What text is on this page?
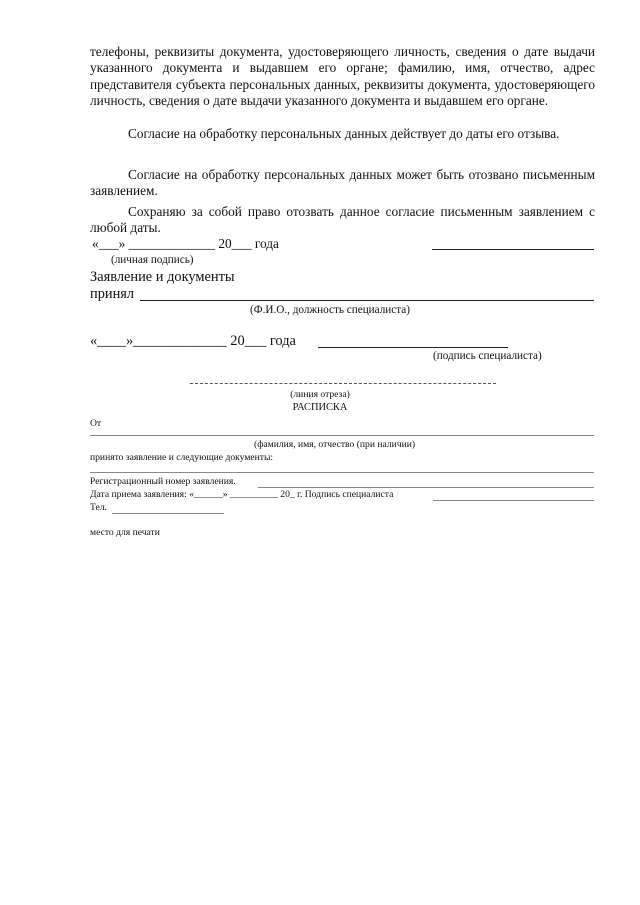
телефоны, реквизиты документа, удостоверяющего личность, сведения о дате выдачи указанного документа и выдавшем его органе; фамилию, имя, отчество, адрес представителя субъекта персональных данных, реквизиты документа, удостоверяющего личность, сведения о дате выдачи указанного документа и выдавшем его органе.
Согласие на обработку персональных данных действует до даты его отзыва.
Согласие на обработку персональных данных может быть отозвано письменным заявлением.
Сохраняю за собой право отозвать данное согласие письменным заявлением с любой даты.
«___» _____________ 20___ года
(личная подпись)
Заявление и документы
принял
(Ф.И.О., должность специалиста)
«____»_____________ 20___ года
(подпись специалиста)
(линия отреза)
РАСПИСКА
От
(фамилия, имя, отчество (при наличии)
принято заявление и следующие документы:
Регистрационный номер заявления.
Дата приема заявления: «______» __________ 20_ г. Подпись специалиста
Тел.
место для печати
